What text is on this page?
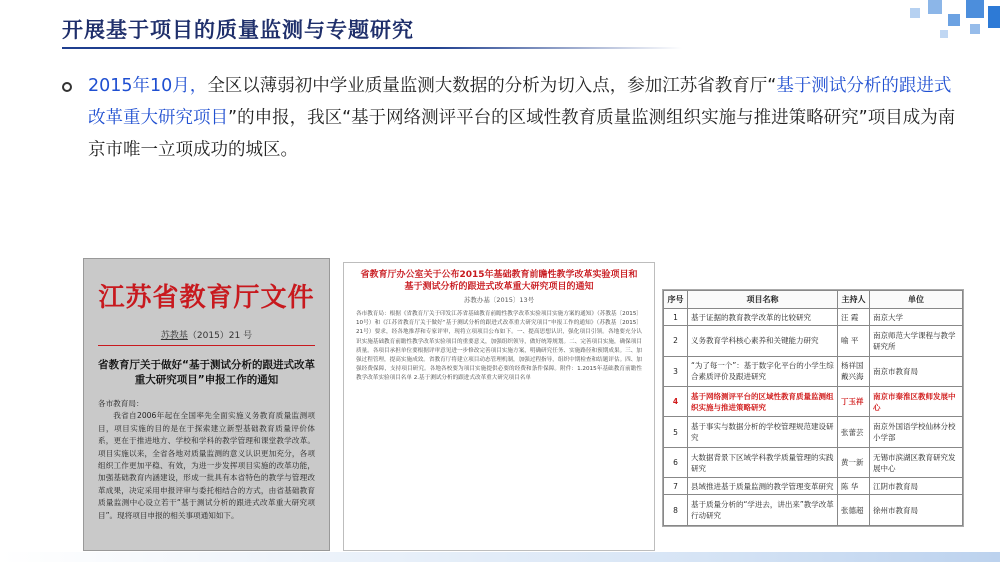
开展基于项目的质量监测与专题研究
2015年10月，全区以薄弱初中学业质量监测大数据的分析为切入点，参加江苏省教育厅“基于测试分析的跟进式改革重大研究项目”的申报，我区“基于网络测评平台的区域性教育质量监测组织实施与推进策略研究”项目成为南京市唯一立项成功的城区。
江苏省教育厅文件
苏教基（2015）21 号
省教育厅关于做好“基于测试分析的跟进式改革重大研究项目”申报工作的通知
各市教育局：
我省自2006年起在全国率先全面实施义务教育质量监测项目，项目实施的目的是在于探索建立新型基础教育质量评价体系，更在于推进地方、学校和学科的教学管理和课堂教学改革。项目实施以来，全省各地对质量监测的意义认识更加充分，各项组织工作更加平稳、有效，为进一步发挥项目实施的改革功能，加强基础教育内涵建设，形成一批具有本省特色的教学与管理改革成果，决定采用申报评审与委托相结合的方式，由省基础教育质量监测中心设立若干“基于测试分析的跟进式改革重大研究项目”。现将项目申报的相关事项通知如下。
省教育厅办公室关于公布2015年基础教育前瞻性教学改革实验项目和基于测试分析的跟进式改革重大研究项目的通知
苏教办基〔2015〕13号
各市教育局：根据《省教育厅关于印发江苏省基础教育前瞻性教学改革实验项目实施方案的通知》（苏教基〔2015〕10号）和《江苏省教育厅关于做好“基于测试分析的跟进式改革重大研究项目”申报工作的通知》（苏教基〔2015〕21号）要求，经各地推荐和专家评审，现将立项项目公布如下。一、提高思想认识，强化项目引领。各地要充分认识实施基础教育前瞻性教学改革实验项目的重要意义，加强组织领导，做好统筹规划。二、完善项目实施，确保项目质量。各项目承担单位要根据评审意见进一步修改完善项目实施方案，明确研究任务、实施路径和预期成果。三、加强过程管理，提高实施成效。省教育厅将建立项目动态管理机制，加强过程指导，组织中期检查和结题评估。四、加强经费保障，支持项目研究。各地各校要为项目实施提供必要的经费和条件保障。附件：1.2015年基础教育前瞻性教学改革实验项目名单 2.基于测试分析的跟进式改革重大研究项目名单
序号	项目名称	主持人	单位
1	基于证据的教育教学改革的比较研究	汪 霞	南京大学
2	义务教育学科核心素养和关键能力研究	喻 平	南京师范大学课程与教学研究所
3	“为了每一个”：基于数字化平台的小学生综合素质评价及跟进研究	杨祥国 戴兴海	南京市教育局
4	基于网络测评平台的区域性教育质量监测组织实施与推进策略研究	丁玉祥	南京市秦淮区教师发展中心
5	基于事实与数据分析的学校管理规范建设研究	张蕾芸	南京外国语学校仙林分校小学部
6	大数据背景下区域学科教学质量管理的实践研究	黄一新	无锡市滨湖区教育研究发展中心
7	县域推进基于质量监测的教学管理变革研究	陈 华	江阴市教育局
8	基于质量分析的“学进去，讲出来”教学改革行动研究	张德超	徐州市教育局
